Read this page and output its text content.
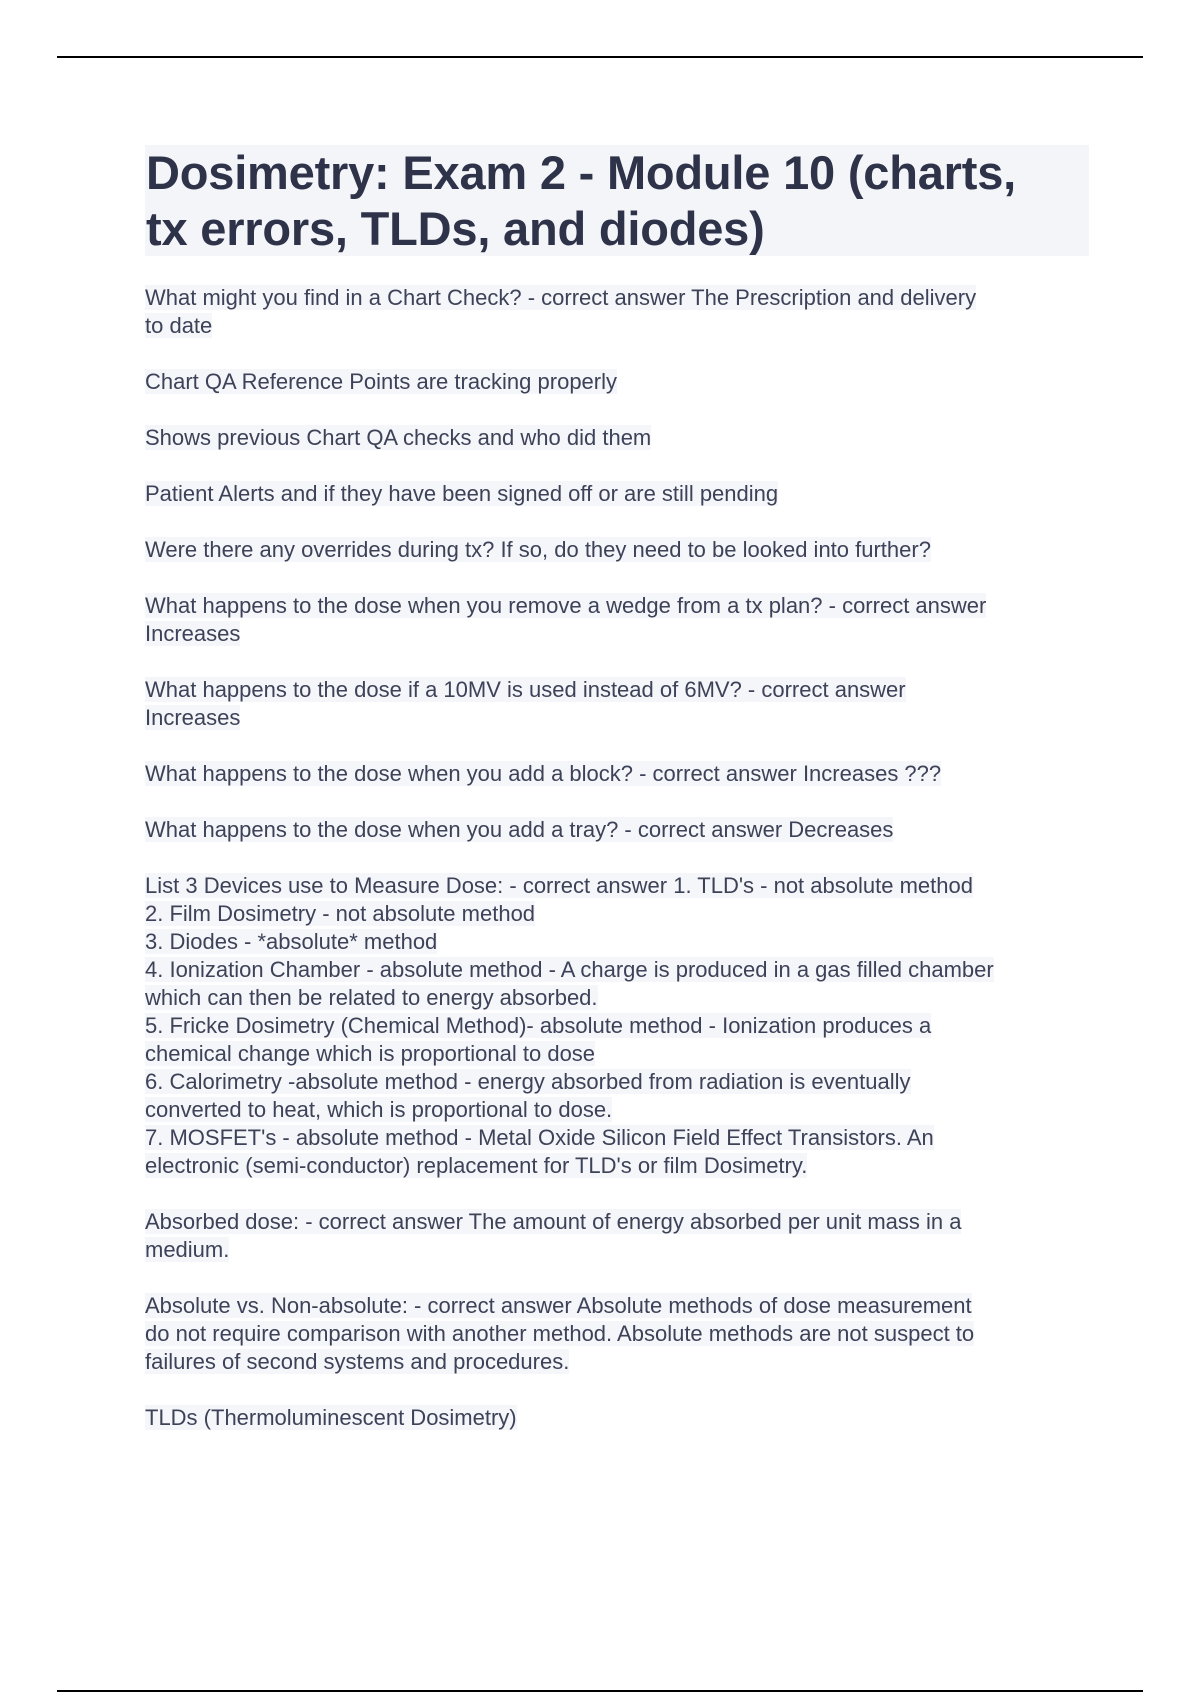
Dosimetry: Exam 2 - Module 10 (charts,
tx errors, TLDs, and diodes)

What might you find in a Chart Check? - correct answer The Prescription and delivery
to date

Chart QA Reference Points are tracking properly

Shows previous Chart QA checks and who did them

Patient Alerts and if they have been signed off or are still pending

Were there any overrides during tx? If so, do they need to be looked into further?

What happens to the dose when you remove a wedge from a tx plan? - correct answer
Increases

What happens to the dose if a 10MV is used instead of 6MV? - correct answer
Increases

What happens to the dose when you add a block? - correct answer Increases ???

What happens to the dose when you add a tray? - correct answer Decreases

List 3 Devices use to Measure Dose: - correct answer 1. TLD's - not absolute method
2. Film Dosimetry - not absolute method
3. Diodes - *absolute* method
4. Ionization Chamber - absolute method - A charge is produced in a gas filled chamber
which can then be related to energy absorbed.
5. Fricke Dosimetry (Chemical Method)- absolute method - Ionization produces a
chemical change which is proportional to dose
6. Calorimetry -absolute method - energy absorbed from radiation is eventually
converted to heat, which is proportional to dose.
7. MOSFET's - absolute method - Metal Oxide Silicon Field Effect Transistors. An
electronic (semi-conductor) replacement for TLD's or film Dosimetry.

Absorbed dose: - correct answer The amount of energy absorbed per unit mass in a
medium.

Absolute vs. Non-absolute: - correct answer Absolute methods of dose measurement
do not require comparison with another method. Absolute methods are not suspect to
failures of second systems and procedures.

TLDs (Thermoluminescent Dosimetry)
